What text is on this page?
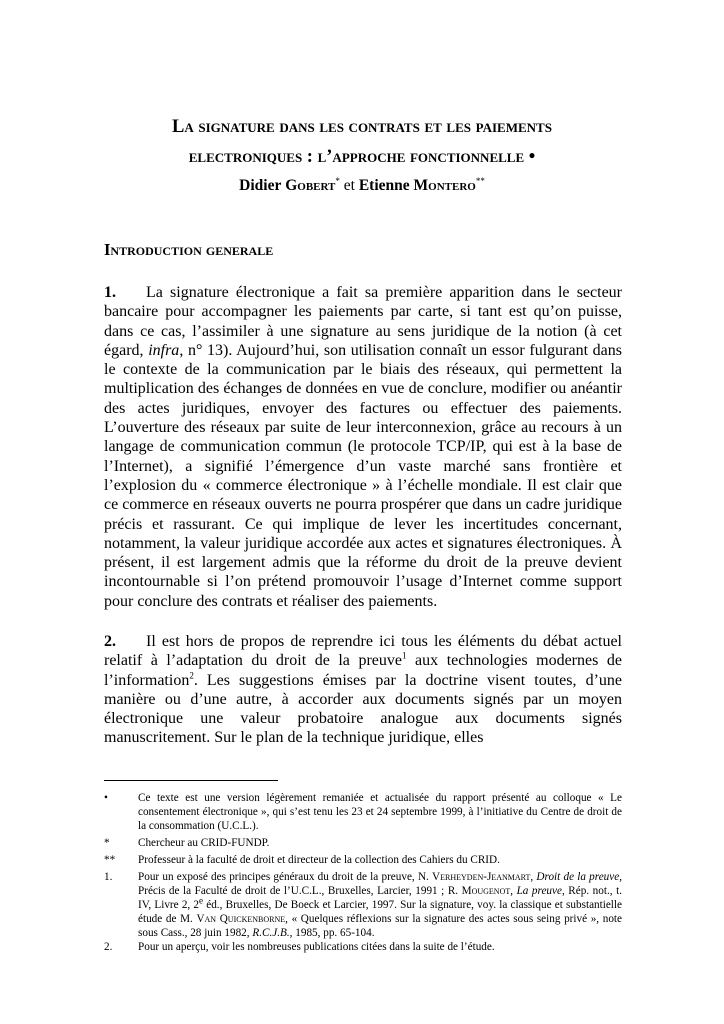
La signature dans les contrats et les paiements
electroniques : l’approche fonctionnelle •
Didier Gobert* et Etienne Montero**
Introduction generale

1. La signature électronique a fait sa première apparition dans le secteur bancaire pour accompagner les paiements par carte, si tant est qu’on puisse, dans ce cas, l’assimiler à une signature au sens juridique de la notion (à cet égard, infra, n° 13). Aujourd’hui, son utilisation connaît un essor fulgurant dans le contexte de la communication par le biais des réseaux, qui permettent la multiplication des échanges de données en vue de conclure, modifier ou anéantir des actes juridiques, envoyer des factures ou effectuer des paiements. L’ouverture des réseaux par suite de leur interconnexion, grâce au recours à un langage de communication commun (le protocole TCP/IP, qui est à la base de l’Internet), a signifié l’émergence d’un vaste marché sans frontière et l’explosion du « commerce électronique » à l’échelle mondiale. Il est clair que ce commerce en réseaux ouverts ne pourra prospérer que dans un cadre juridique précis et rassurant. Ce qui implique de lever les incertitudes concernant, notamment, la valeur juridique accordée aux actes et signatures électroniques. À présent, il est largement admis que la réforme du droit de la preuve devient incontournable si l’on prétend promouvoir l’usage d’Internet comme support pour conclure des contrats et réaliser des paiements.

2. Il est hors de propos de reprendre ici tous les éléments du débat actuel relatif à l’adaptation du droit de la preuve$^1$ aux technologies modernes de l’information$^2$. Les suggestions émises par la doctrine visent toutes, d’une manière ou d’une autre, à accorder aux documents signés par un moyen électronique une valeur probatoire analogue aux documents signés manuscritement. Sur le plan de la technique juridique, elles

•	Ce texte est une version légèrement remaniée et actualisée du rapport présenté au colloque « Le consentement électronique », qui s’est tenu les 23 et 24 septembre 1999, à l’initiative du Centre de droit de la consommation (U.C.L.).
*	Chercheur au CRID-FUNDP.
**	Professeur à la faculté de droit et directeur de la collection des Cahiers du CRID.
1.	Pour un exposé des principes généraux du droit de la preuve, N. Verheyden-Jeanmart, Droit de la preuve, Précis de la Faculté de droit de l’U.C.L., Bruxelles, Larcier, 1991 ; R. Mougenot, La preuve, Rép. not., t. IV, Livre 2, 2e éd., Bruxelles, De Boeck et Larcier, 1997. Sur la signature, voy. la classique et substantielle étude de M. Van Quickenborne, « Quelques réflexions sur la signature des actes sous seing privé », note sous Cass., 28 juin 1982, R.C.J.B., 1985, pp. 65-104.
2.	Pour un aperçu, voir les nombreuses publications citées dans la suite de l’étude.
